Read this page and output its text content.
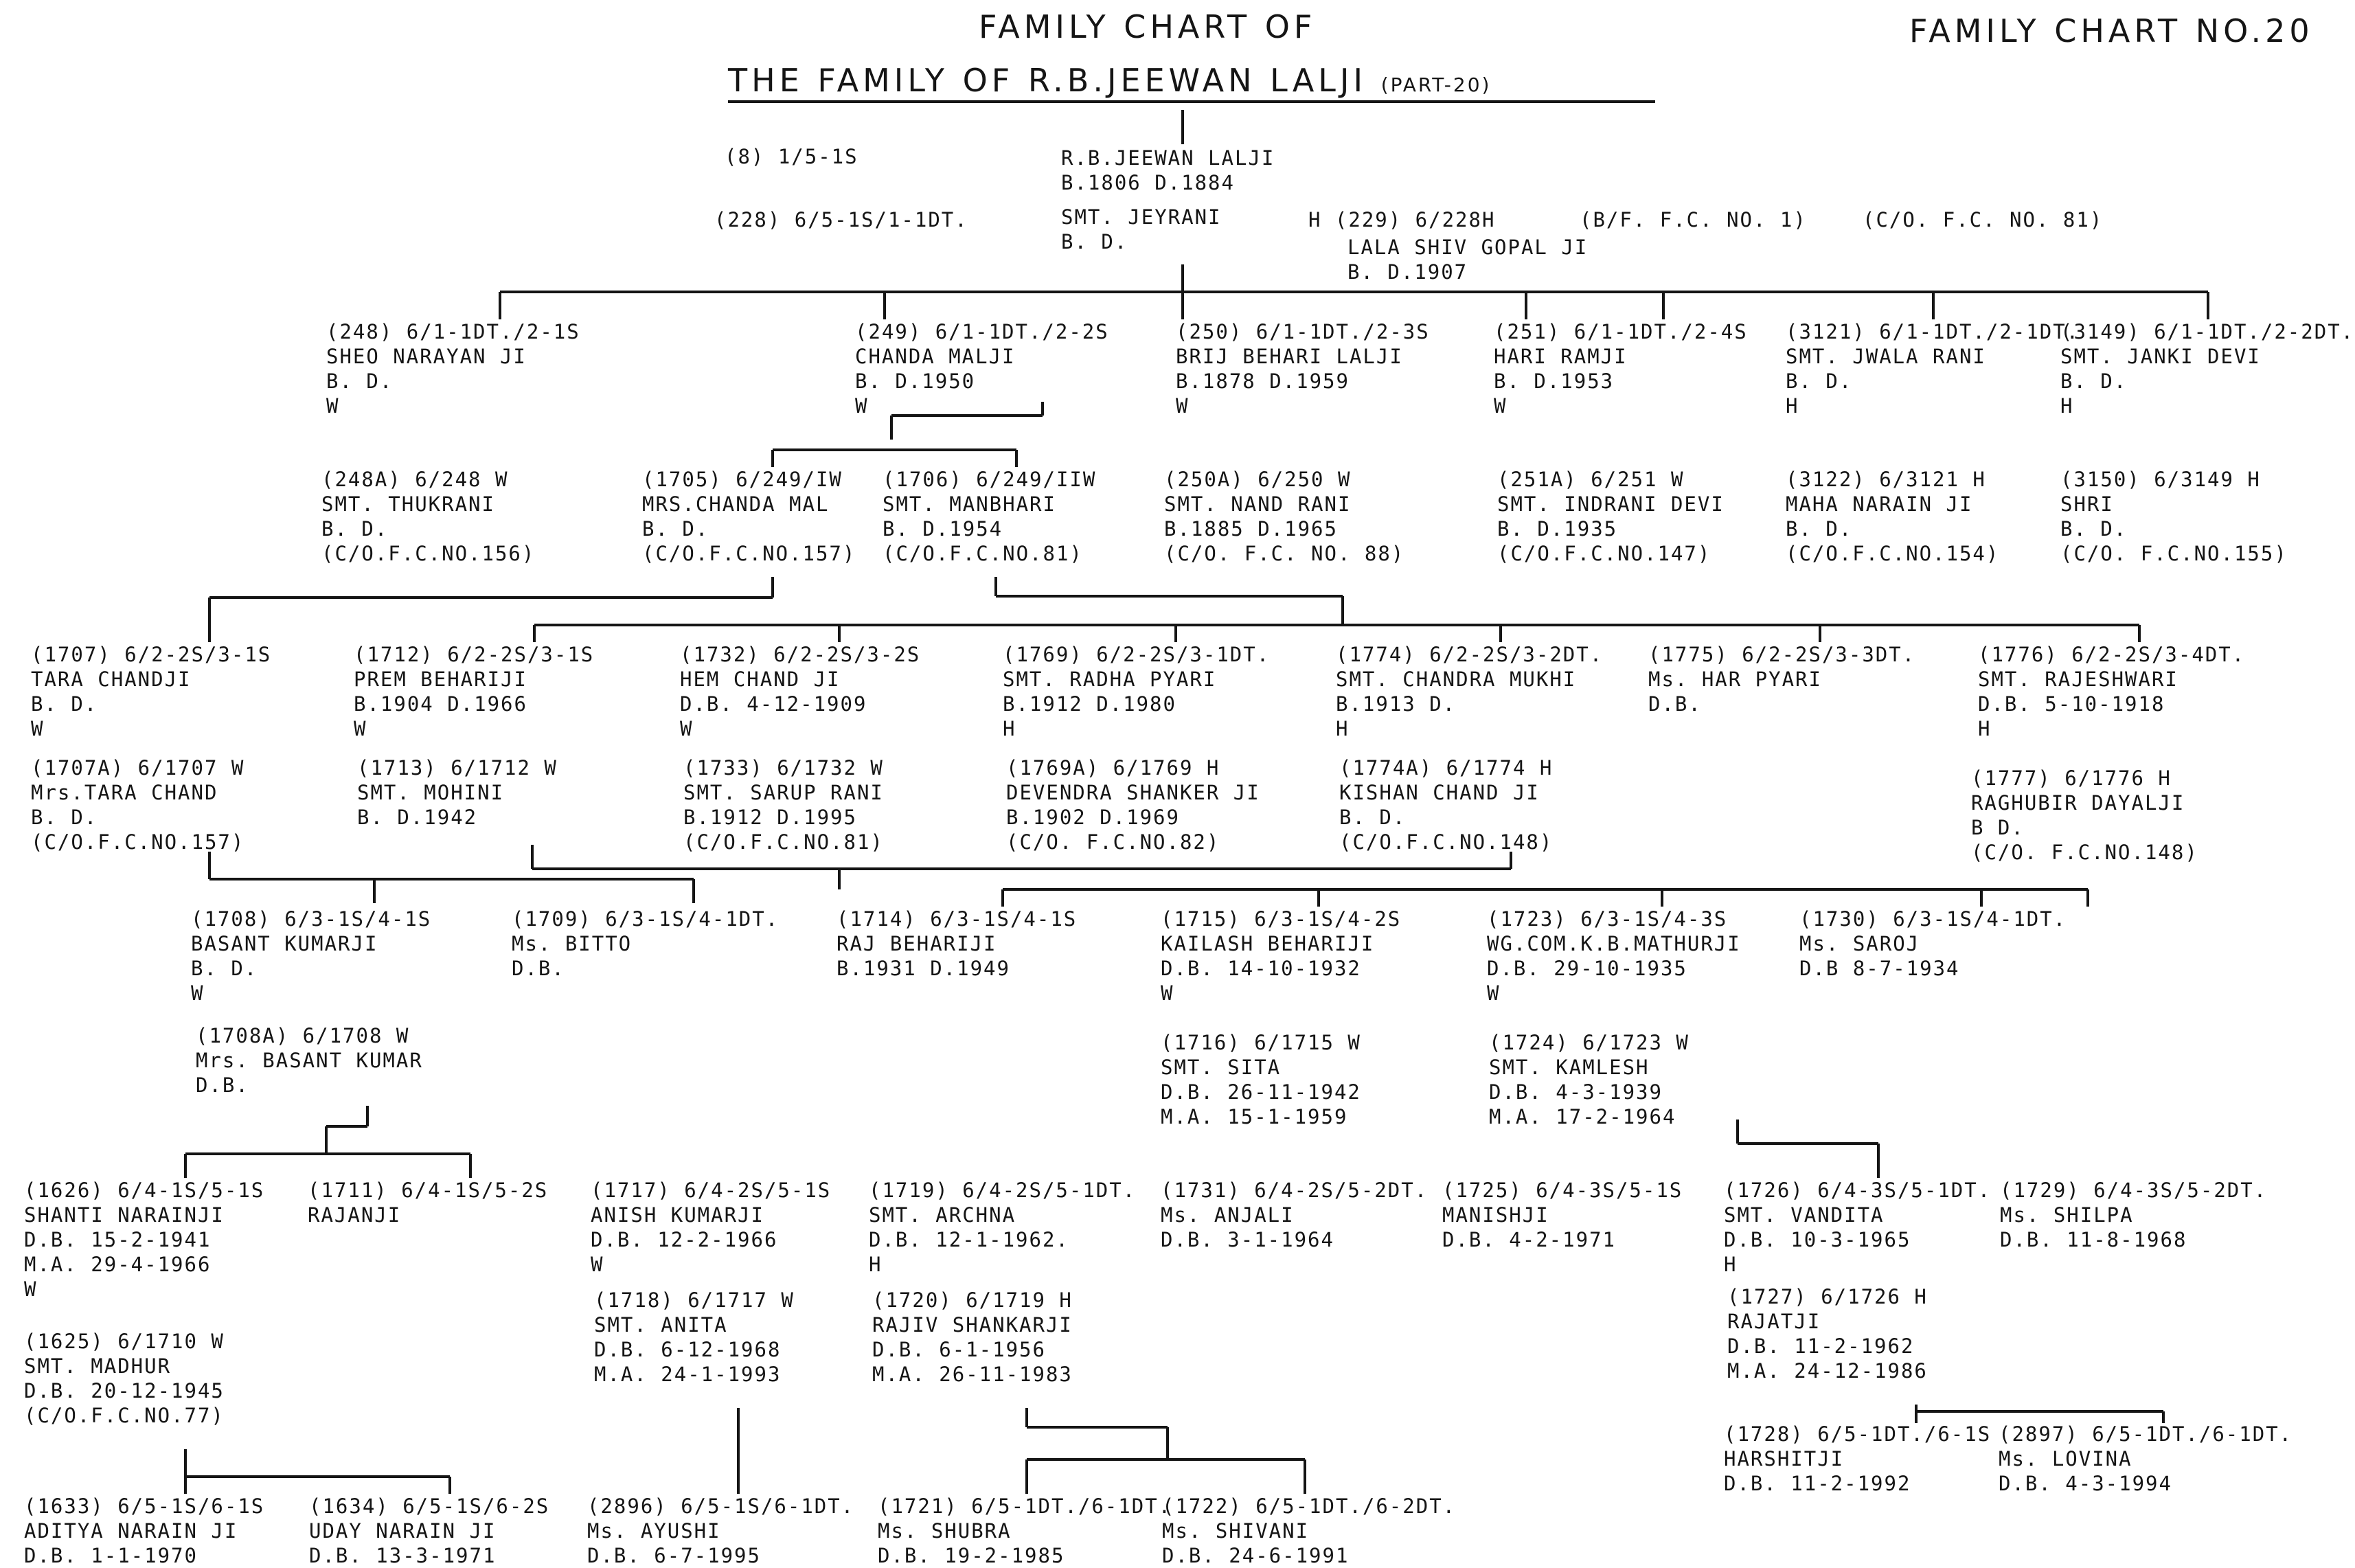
FAMILY CHART OF
THE FAMILY OF R.B.JEEWAN LALJI (PART-20)
FAMILY CHART NO.20
(8) 1/5-1S	R.B.JEEWAN LALJI
B.1806 D.1884
(228) 6/5-1S/1-1DT.	SMT. JEYRANI
B. D.
H (229) 6/228H	(B/F. F.C. NO. 1)	(C/O. F.C. NO. 81)
LALA SHIV GOPAL JI
B. D.1907
(248) 6/1-1DT./2-1S
SHEO NARAYAN JI
B. D.
W
(248A) 6/248 W
SMT. THUKRANI
B. D.
(C/O.F.C.NO.156)
(249) 6/1-1DT./2-2S
CHANDA MALJI
B. D.1950
W
(1705) 6/249/IW
MRS.CHANDA MAL
B. D.
(C/O.F.C.NO.157)
(1706) 6/249/IIW
SMT. MANBHARI
B. D.1954
(C/O.F.C.NO.81)
(250) 6/1-1DT./2-3S
BRIJ BEHARI LALJI
B.1878 D.1959
W
(250A) 6/250 W
SMT. NAND RANI
B.1885 D.1965
(C/O. F.C. NO. 88)
(251) 6/1-1DT./2-4S
HARI RAMJI
B. D.1953
W
(251A) 6/251 W
SMT. INDRANI DEVI
B. D.1935
(C/O.F.C.NO.147)
(3121) 6/1-1DT./2-1DT.
SMT. JWALA RANI
B. D.
H
(3122) 6/3121 H
MAHA NARAIN JI
B. D.
(C/O.F.C.NO.154)
(3149) 6/1-1DT./2-2DT.
SMT. JANKI DEVI
B. D.
H
(3150) 6/3149 H
SHRI
B. D.
(C/O. F.C.NO.155)
(1707) 6/2-2S/3-1S
TARA CHANDJI
B. D.
W
(1707A) 6/1707 W
Mrs.TARA CHAND
B. D.
(C/O.F.C.NO.157)
(1712) 6/2-2S/3-1S
PREM BEHARIJI
B.1904 D.1966
W
(1713) 6/1712 W
SMT. MOHINI
B. D.1942
(1732) 6/2-2S/3-2S
HEM CHAND JI
D.B. 4-12-1909
W
(1733) 6/1732 W
SMT. SARUP RANI
B.1912 D.1995
(C/O.F.C.NO.81)
(1769) 6/2-2S/3-1DT.
SMT. RADHA PYARI
B.1912 D.1980
H
(1769A) 6/1769 H
DEVENDRA SHANKER JI
B.1902 D.1969
(C/O. F.C.NO.82)
(1774) 6/2-2S/3-2DT.
SMT. CHANDRA MUKHI
B.1913 D.
H
(1774A) 6/1774 H
KISHAN CHAND JI
B. D.
(C/O.F.C.NO.148)
(1775) 6/2-2S/3-3DT.
Ms. HAR PYARI
D.B.
(1776) 6/2-2S/3-4DT.
SMT. RAJESHWARI
D.B. 5-10-1918
H
(1777) 6/1776 H
RAGHUBIR DAYALJI
B D.
(C/O. F.C.NO.148)
(1708) 6/3-1S/4-1S
BASANT KUMARJI
B. D.
W
(1708A) 6/1708 W
Mrs. BASANT KUMAR
D.B.
(1709) 6/3-1S/4-1DT.
Ms. BITTO
D.B.
(1714) 6/3-1S/4-1S
RAJ BEHARIJI
B.1931 D.1949
(1715) 6/3-1S/4-2S
KAILASH BEHARIJI
D.B. 14-10-1932
W
(1716) 6/1715 W
SMT. SITA
D.B. 26-11-1942
M.A. 15-1-1959
(1723) 6/3-1S/4-3S
WG.COM.K.B.MATHURJI
D.B. 29-10-1935
W
(1724) 6/1723 W
SMT. KAMLESH
D.B. 4-3-1939
M.A. 17-2-1964
(1730) 6/3-1S/4-1DT.
Ms. SAROJ
D.B 8-7-1934
(1626) 6/4-1S/5-1S
SHANTI NARAINJI
D.B. 15-2-1941
M.A. 29-4-1966
W
(1625) 6/1710 W
SMT. MADHUR
D.B. 20-12-1945
(C/O.F.C.NO.77)
(1711) 6/4-1S/5-2S
RAJANJI
(1717) 6/4-2S/5-1S
ANISH KUMARJI
D.B. 12-2-1966
W
(1718) 6/1717 W
SMT. ANITA
D.B. 6-12-1968
M.A. 24-1-1993
(1719) 6/4-2S/5-1DT.
SMT. ARCHNA
D.B. 12-1-1962.
H
(1720) 6/1719 H
RAJIV SHANKARJI
D.B. 6-1-1956
M.A. 26-11-1983
(1731) 6/4-2S/5-2DT.
Ms. ANJALI
D.B. 3-1-1964
(1725) 6/4-3S/5-1S
MANISHJI
D.B. 4-2-1971
(1726) 6/4-3S/5-1DT.
SMT. VANDITA
D.B. 10-3-1965
H
(1727) 6/1726 H
RAJATJI
D.B. 11-2-1962
M.A. 24-12-1986
(1729) 6/4-3S/5-2DT.
Ms. SHILPA
D.B. 11-8-1968
(1728) 6/5-1DT./6-1S
HARSHITJI
D.B. 11-2-1992
(2897) 6/5-1DT./6-1DT.
Ms. LOVINA
D.B. 4-3-1994
(1633) 6/5-1S/6-1S
ADITYA NARAIN JI
D.B. 1-1-1970
(1634) 6/5-1S/6-2S
UDAY NARAIN JI
D.B. 13-3-1971
(2896) 6/5-1S/6-1DT.
Ms. AYUSHI
D.B. 6-7-1995
(1721) 6/5-1DT./6-1DT.
Ms. SHUBRA
D.B. 19-2-1985
(1722) 6/5-1DT./6-2DT.
Ms. SHIVANI
D.B. 24-6-1991
